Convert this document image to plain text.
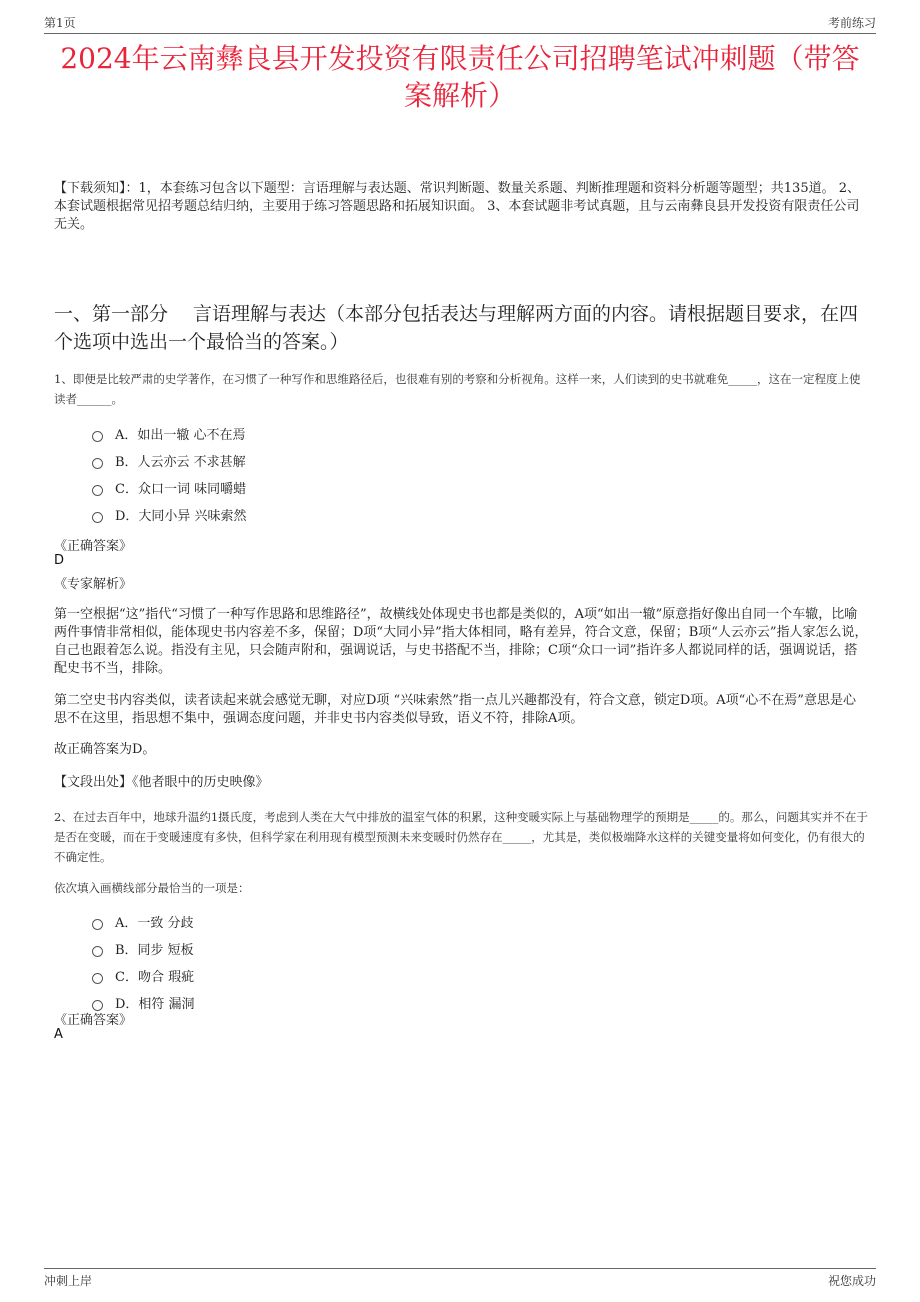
第1页	考前练习
2024年云南彝良县开发投资有限责任公司招聘笔试冲刺题（带答案解析）
【下载须知】：1，本套练习包含以下题型：言语理解与表达题、常识判断题、数量关系题、判断推理题和资料分析题等题型；共135道。 2、本套试题根据常见招考题总结归纳，主要用于练习答题思路和拓展知识面。 3、本套试题非考试真题，且与云南彝良县开发投资有限责任公司无关。
一、第一部分　 言语理解与表达（本部分包括表达与理解两方面的内容。请根据题目要求，在四个选项中选出一个最恰当的答案。）
1、即便是比较严肃的史学著作，在习惯了一种写作和思维路径后，也很难有别的考察和分析视角。这样一来，人们读到的史书就难免_____，这在一定程度上使读者______。
A．如出一辙 心不在焉
B．人云亦云 不求甚解
C．众口一词 味同嚼蜡
D．大同小异 兴味索然
《正确答案》
D
《专家解析》
第一空根据“这”指代“习惯了一种写作思路和思维路径”，故横线处体现史书也都是类似的，A项“如出一辙”原意指好像出自同一个车辙，比喻两件事情非常相似，能体现史书内容差不多，保留；D项“大同小异”指大体相同，略有差异，符合文意，保留；B项“人云亦云”指人家怎么说，自己也跟着怎么说。指没有主见，只会随声附和，强调说话，与史书搭配不当，排除；C项“众口一词”指许多人都说同样的话，强调说话，搭配史书不当，排除。
第二空史书内容类似，读者读起来就会感觉无聊，对应D项 “兴味索然”指一点儿兴趣都没有，符合文意，锁定D项。A项“心不在焉”意思是心思不在这里，指思想不集中，强调态度问题，并非史书内容类似导致，语义不符，排除A项。
故正确答案为D。
【文段出处】《他者眼中的历史映像》
2、在过去百年中，地球升温约1摄氏度，考虑到人类在大气中排放的温室气体的积累，这种变暖实际上与基础物理学的预期是_____的。那么，问题其实并不在于是否在变暖，而在于变暖速度有多快，但科学家在利用现有模型预测未来变暖时仍然存在_____，尤其是，类似极端降水这样的关键变量将如何变化，仍有很大的不确定性。
依次填入画横线部分最恰当的一项是：
A．一致 分歧
B．同步 短板
C．吻合 瑕疵
D．相符 漏洞
《正确答案》
A
冲刺上岸	祝您成功
